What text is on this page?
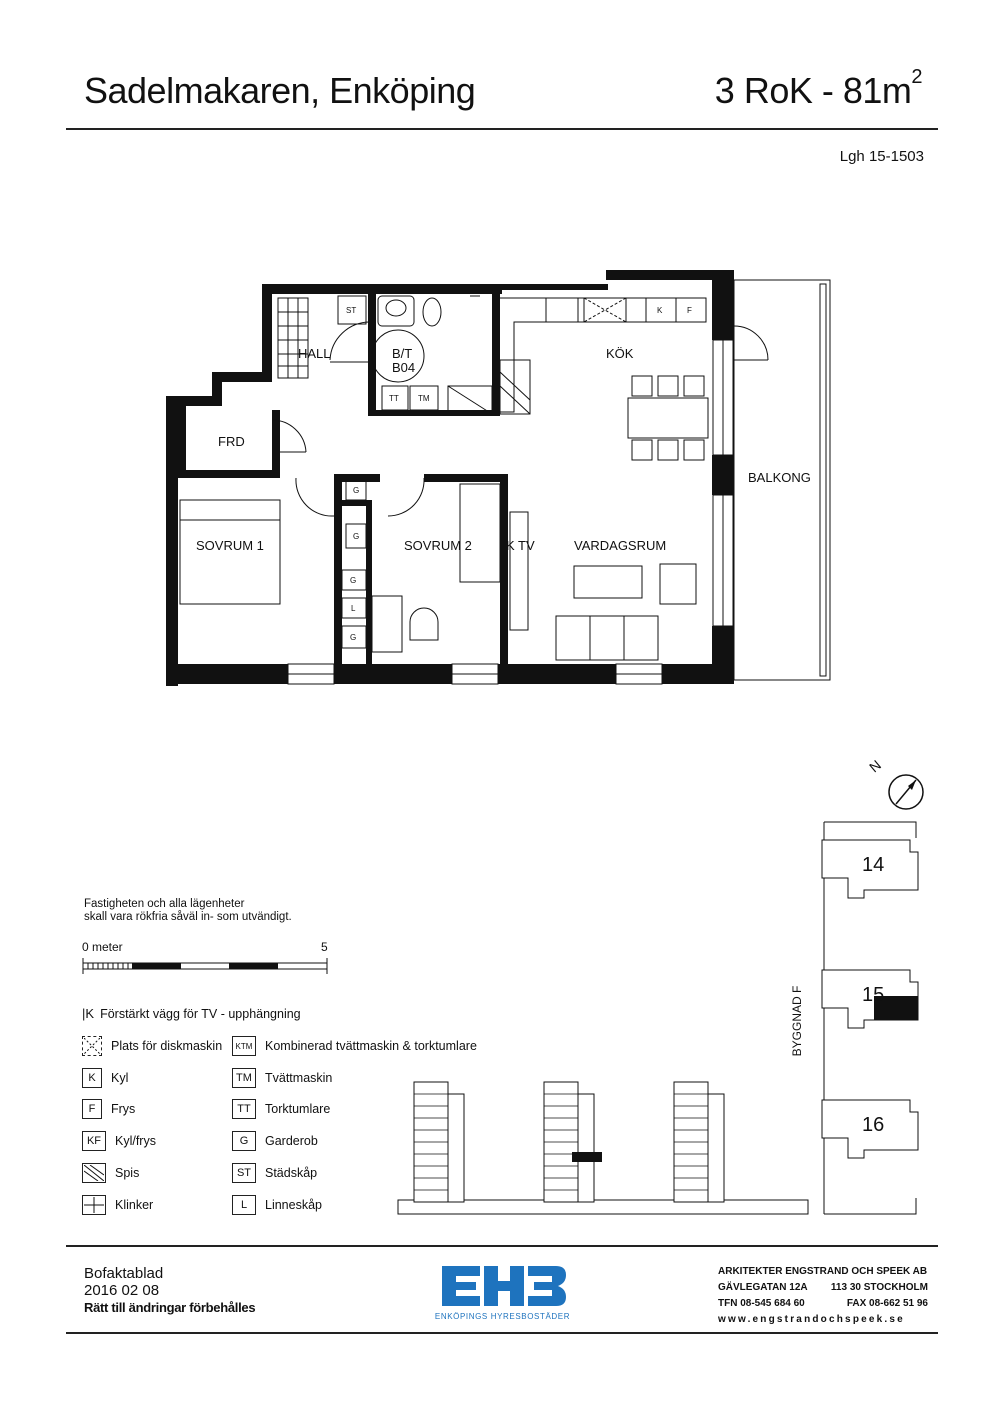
Sadelmakaren, Enköping	3 RoK - $81m^2$
Lgh 15-1503
HALL	B/T
B04
KÖK
FRD
BALKONG
SOVRUM 1	SOVRUM 2	K TV	VARDAGSRUM
ST
TT TM
K	F
G
G
G
L
G
Fastigheten och alla lägenheter
skall vara rökfria såväl in- som utvändigt.
0 meter	5
|K Förstärkt vägg för TV - upphängning
Plats för diskmaskin	KTM Kombinerad tvättmaskin & torktumlare
K	Kyl	TM	Tvättmaskin
F	Frys	TT	Torktumlare
KF	Kyl/frys	G	Garderob
Spis	ST	Städskåp
Klinker	L	Linneskåp
N
14
15
16
BYGGNAD F
Bofaktablad
2016 02 08
Rätt till ändringar förbehålles
ENKÖPINGS HYRESBOSTÄDER
ARKITEKTER ENGSTRAND OCH SPEEK AB
GÄVLEGATAN 12A 113 30 STOCKHOLM
TFN 08-545 684 60	FAX 08-662 51 96
www.engstrandochspeek.se
